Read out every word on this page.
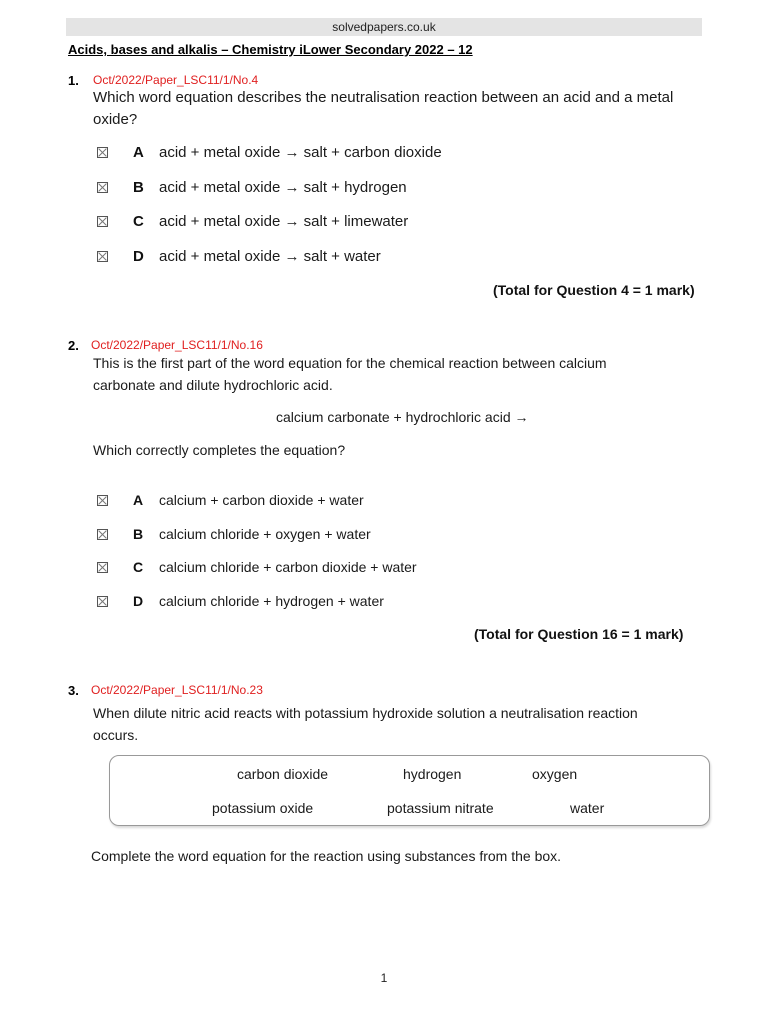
solvedpapers.co.uk
Acids, bases and alkalis – Chemistry iLower Secondary 2022 – 12
1. Oct/2022/Paper_LSC11/1/No.4
Which word equation describes the neutralisation reaction between an acid and a metal oxide?
A	acid + metal oxide → salt + carbon dioxide
B	acid + metal oxide → salt + hydrogen
C	acid + metal oxide → salt + limewater
D	acid + metal oxide → salt + water
(Total for Question 4 = 1 mark)
2. Oct/2022/Paper_LSC11/1/No.16
This is the first part of the word equation for the chemical reaction between calcium carbonate and dilute hydrochloric acid.
calcium carbonate + hydrochloric acid →
Which correctly completes the equation?
A	calcium + carbon dioxide + water
B	calcium chloride + oxygen + water
C	calcium chloride + carbon dioxide + water
D	calcium chloride + hydrogen + water
(Total for Question 16 = 1 mark)
3. Oct/2022/Paper_LSC11/1/No.23
When dilute nitric acid reacts with potassium hydroxide solution a neutralisation reaction occurs.
carbon dioxide	hydrogen	oxygen
potassium oxide	potassium nitrate	water
Complete the word equation for the reaction using substances from the box.
1
